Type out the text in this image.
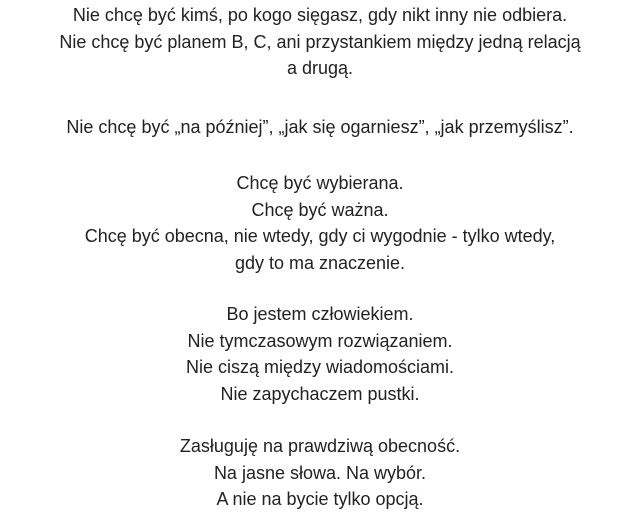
Nie chcę być kimś, po kogo sięgasz, gdy nikt inny nie odbiera.
Nie chcę być planem B, C, ani przystankiem między jedną relacją
a drugą.
Nie chcę być „na później”, „jak się ogarniesz”, „jak przemyślisz”.
Chcę być wybierana.
Chcę być ważna.
Chcę być obecna, nie wtedy, gdy ci wygodnie - tylko wtedy,
gdy to ma znaczenie.
Bo jestem człowiekiem.
Nie tymczasowym rozwiązaniem.
Nie ciszą między wiadomościami.
Nie zapychaczem pustki.
Zasługuję na prawdziwą obecność.
Na jasne słowa. Na wybór.
A nie na bycie tylko opcją.
